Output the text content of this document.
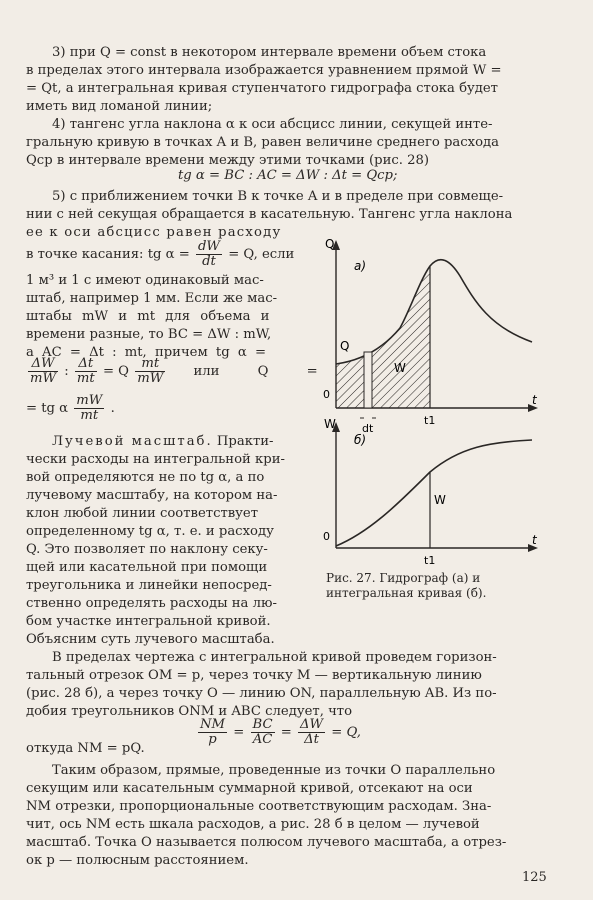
3) при Q = const в некотором интервале времени объем стока
в пределах этого интервала изображается уравнением прямой W =
= Qt, а интегральная кривая ступенчатого гидрографа стока будет
иметь вид ломаной линии;
4) тангенс угла наклона α к оси абсцисс линии, секущей инте-
гральную кривую в точках A и B, равен величине среднего расхода
Qср в интервале времени между этими точками (рис. 28)
tg α = BC : AC = ΔW : Δt = Qср;
5) с приближением точки B к точке A и в пределе при совмеще-
нии с ней секущая обращается в касательную. Тангенс угла наклона
ее к оси абсцисс равен расходу
в точке касания: tg $\alpha = \frac{dW}{dt} = Q$, если
1 м³ и 1 с имеют одинаковый мас-
штаб, например 1 мм. Если же мас-
штабы mW и mt для объема и
времени разные, то BC = ΔW : mW,
а AC = Δt : mt, причем tg α =
$\frac{\Delta W}{mW}$ : $\frac{\Delta t}{mt} = Q \frac{mt}{mW}$ или Q =
= tg α $\frac{mW}{mt}$ .
Лучевой масштаб. Практи-
чески расходы на интегральной кри-
вой определяются не по tg α, а по
лучевому масштабу, на котором на-
клон любой линии соответствует
определенному tg α, т. е. и расходу
Q. Это позволяет по наклону секу-
щей или касательной при помощи
треугольника и линейки непосред-
ственно определять расходы на лю-
бом участке интегральной кривой.
Объясним суть лучевого масштаба.
Q
а)
Q
W
0
dt
t1
t
W
б)
W
0
t1
t
Рис. 27. Гидрограф (а) и интегральная кривая (б).
В пределах чертежа с интегральной кривой проведем горизон-
тальный отрезок OM = p, через точку M — вертикальную линию
(рис. 28 б), а через точку O — линию ON, параллельную AB. Из по-
добия треугольников ONM и ABC следует, что
$\frac{NM}{p} = \frac{BC}{AC} = \frac{\Delta W}{\Delta t} = Q$,
откуда NM = pQ.
Таким образом, прямые, проведенные из точки O параллельно
секущим или касательным суммарной кривой, отсекают на оси
NM отрезки, пропорциональные соответствующим расходам. Зна-
чит, ось NM есть шкала расходов, а рис. 28 б в целом — лучевой
масштаб. Точка O называется полюсом лучевого масштаба, а отрез-
ок p — полюсным расстоянием.
125
